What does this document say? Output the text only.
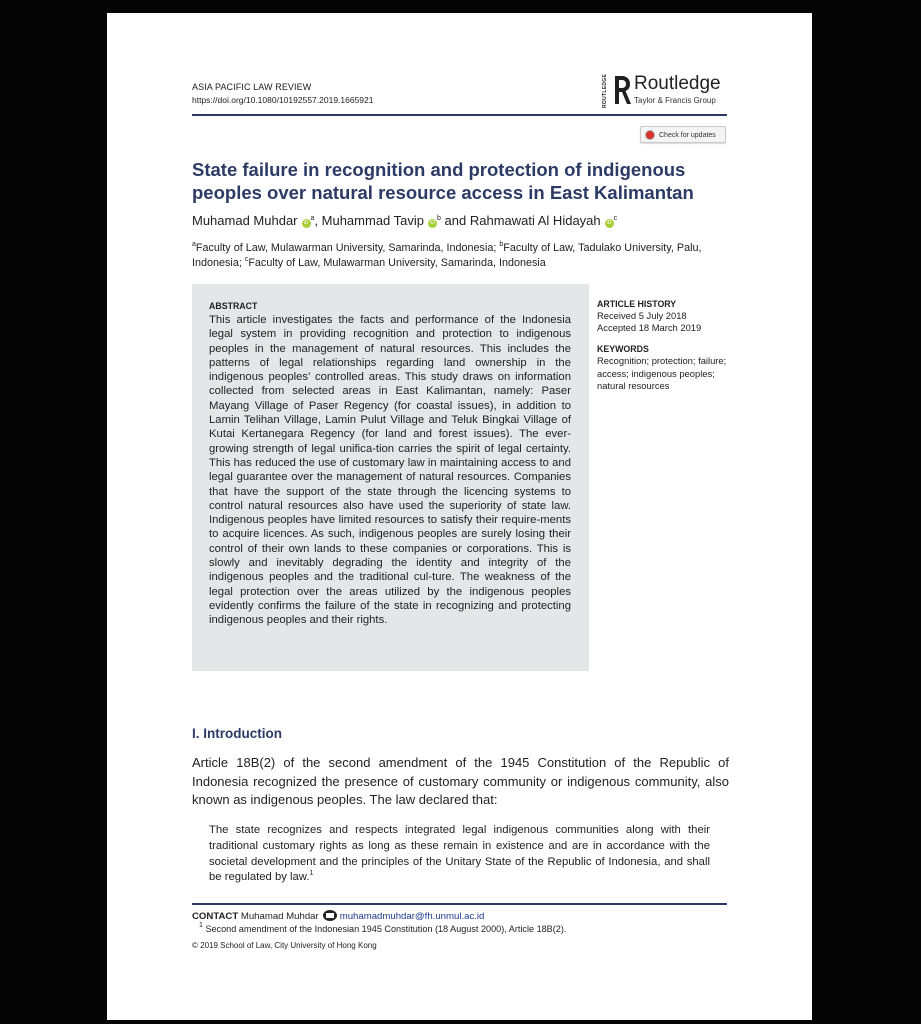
ASIA PACIFIC LAW REVIEW
https://doi.org/10.1080/10192557.2019.1665921	ROUTLEDGE Routledge
Taylor & Francis Group
Check for updates
State failure in recognition and protection of indigenous
peoples over natural resource access in East Kalimantan
Muhamad Muhdar $iD^a$, Muhammad Tavip $iD^b$ and Rahmawati Al Hidayah $iD^c$
$^a$Faculty of Law, Mulawarman University, Samarinda, Indonesia; $^b$Faculty of Law, Tadulako University, Palu, Indonesia; $^c$Faculty of Law, Mulawarman University, Samarinda, Indonesia
ABSTRACT

This article investigates the facts and performance of the Indonesia legal system in providing recognition and protection to indigenous peoples in the management of natural resources. This includes the patterns of legal relationships regarding land ownership in the indigenous peoples’ controlled areas. This study draws on information collected from selected areas in East Kalimantan, namely: Paser Mayang Village of Paser Regency (for coastal issues), in addition to Lamin Telihan Village, Lamin Pulut Village and Teluk Bingkai Village of Kutai Kertanegara Regency (for land and forest issues). The ever-growing strength of legal unifica-tion carries the spirit of legal certainty. This has reduced the use of customary law in maintaining access to and legal guarantee over the management of natural resources. Companies that have the support of the state through the licencing systems to control natural resources also have used the superiority of state law. Indigenous peoples have limited resources to satisfy their require-ments to acquire licences. As such, indigenous peoples are surely losing their control of their own lands to these companies or corporations. This is slowly and inevitably degrading the identity and integrity of the indigenous peoples and the traditional cul-ture. The weakness of the legal protection over the areas utilized by the indigenous peoples evidently confirms the failure of the state in recognizing and protecting indigenous peoples and their rights.

ARTICLE HISTORY
Received 5 July 2018
Accepted 18 March 2019
KEYWORDS
Recognition; protection; failure; access; indigenous peoples; natural resources
I. Introduction

Article 18B(2) of the second amendment of the 1945 Constitution of the Republic of Indonesia recognized the presence of customary community or indigenous community, also known as indigenous peoples. The law declared that:

The state recognizes and respects integrated legal indigenous communities along with their traditional customary rights as long as these remain in existence and are in accordance with the societal development and the principles of the Unitary State of the Republic of Indonesia, and shall be regulated by law.$^1$

CONTACT Muhamad Muhdar muhamadmuhdar@fh.unmul.ac.id
$^1$ Second amendment of the Indonesian 1945 Constitution (18 August 2000), Article 18B(2).
© 2019 School of Law, City University of Hong Kong
